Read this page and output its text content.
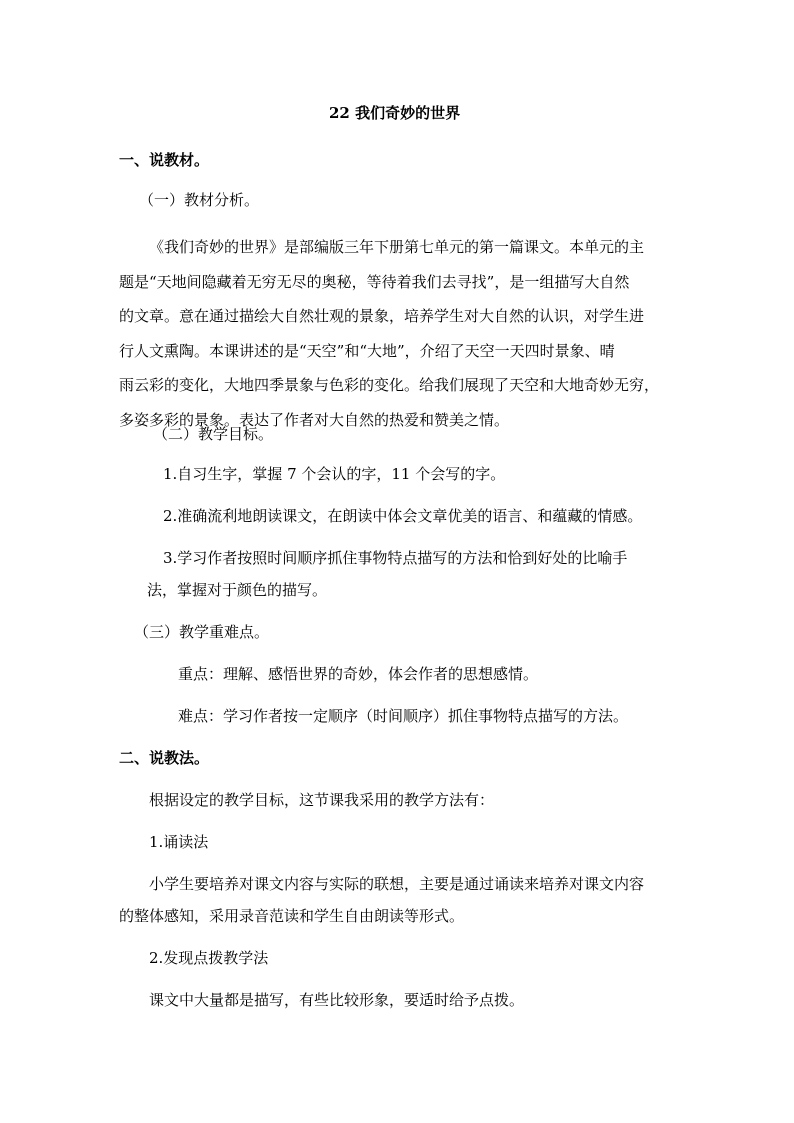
22 我们奇妙的世界
一、说教材。
（一）教材分析。
《我们奇妙的世界》是部编版三年下册第七单元的第一篇课文。本单元的主
题是“天地间隐藏着无穷无尽的奥秘，等待着我们去寻找”，是一组描写大自然
的文章。意在通过描绘大自然壮观的景象，培养学生对大自然的认识，对学生进
行人文熏陶。本课讲述的是“天空”和“大地”，介绍了天空一天四时景象、晴
雨云彩的变化，大地四季景象与色彩的变化。给我们展现了天空和大地奇妙无穷，
多姿多彩的景象。表达了作者对大自然的热爱和赞美之情。
（二）教学目标。
1.自习生字，掌握 7 个会认的字，11 个会写的字。
2.准确流利地朗读课文，在朗读中体会文章优美的语言、和蕴藏的情感。
3.学习作者按照时间顺序抓住事物特点描写的方法和恰到好处的比喻手
法，掌握对于颜色的描写。
（三）教学重难点。
重点：理解、感悟世界的奇妙，体会作者的思想感情。
难点：学习作者按一定顺序（时间顺序）抓住事物特点描写的方法。
二、说教法。
根据设定的教学目标，这节课我采用的教学方法有：
1.诵读法
小学生要培养对课文内容与实际的联想，主要是通过诵读来培养对课文内容
的整体感知，采用录音范读和学生自由朗读等形式。
2.发现点拨教学法
课文中大量都是描写，有些比较形象，要适时给予点拨。
